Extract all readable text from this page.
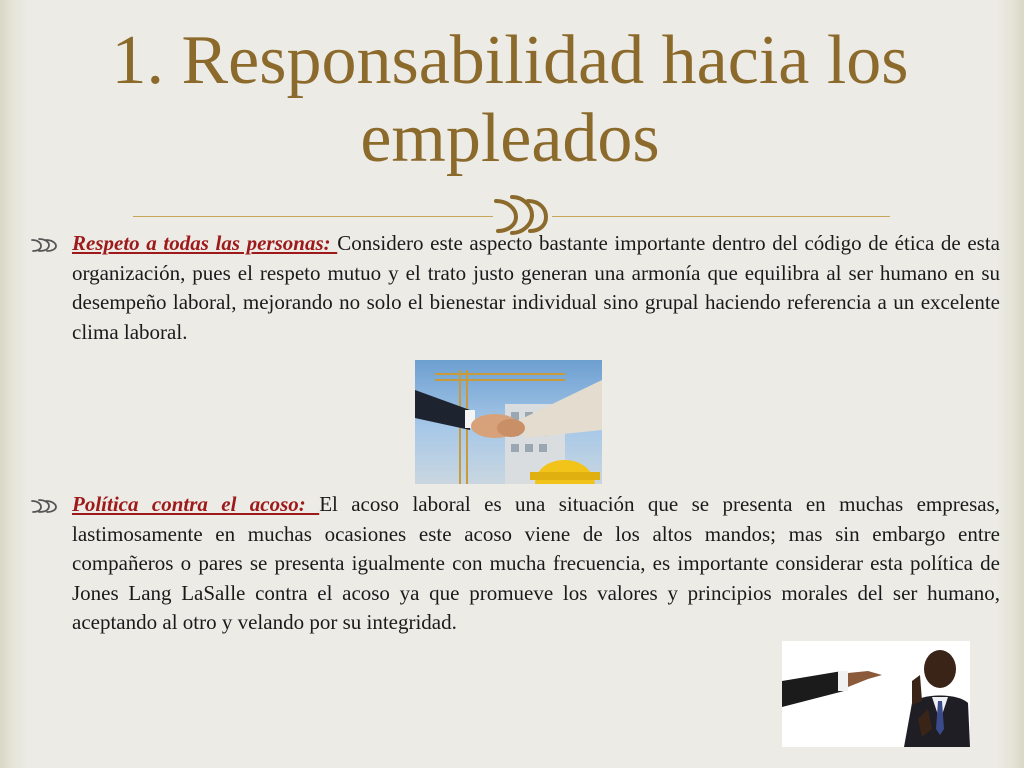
1. Responsabilidad hacia los empleados
Respeto a todas las personas: Considero este aspecto bastante importante dentro del código de ética de esta organización, pues el respeto mutuo y el trato justo generan una armonía que equilibra al ser humano en su desempeño laboral, mejorando no solo el bienestar individual sino grupal haciendo referencia a un excelente clima laboral.
Política contra el acoso: El acoso laboral es una situación que se presenta en muchas empresas, lastimosamente en muchas ocasiones este acoso viene de los altos mandos; mas sin embargo entre compañeros o pares se presenta igualmente con mucha frecuencia, es importante considerar esta política de Jones Lang LaSalle contra el acoso ya que promueve los valores y principios morales del ser humano, aceptando al otro y velando por su integridad.
